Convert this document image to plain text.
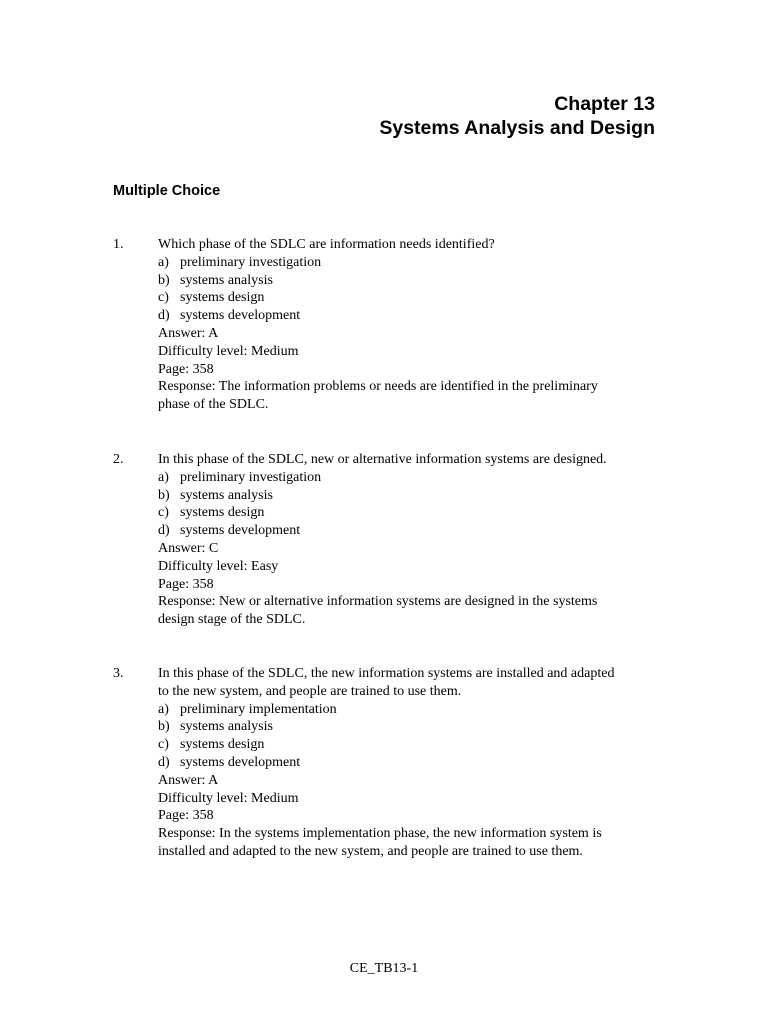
Chapter 13
Systems Analysis and Design
Multiple Choice
1. Which phase of the SDLC are information needs identified?
a) preliminary investigation
b) systems analysis
c) systems design
d) systems development
Answer: A
Difficulty level: Medium
Page: 358
Response: The information problems or needs are identified in the preliminary
phase of the SDLC.
2. In this phase of the SDLC, new or alternative information systems are designed.
a) preliminary investigation
b) systems analysis
c) systems design
d) systems development
Answer: C
Difficulty level: Easy
Page: 358
Response: New or alternative information systems are designed in the systems
design stage of the SDLC.
3. In this phase of the SDLC, the new information systems are installed and adapted
to the new system, and people are trained to use them.
a) preliminary implementation
b) systems analysis
c) systems design
d) systems development
Answer: A
Difficulty level: Medium
Page: 358
Response: In the systems implementation phase, the new information system is
installed and adapted to the new system, and people are trained to use them.
CE_TB13-1
